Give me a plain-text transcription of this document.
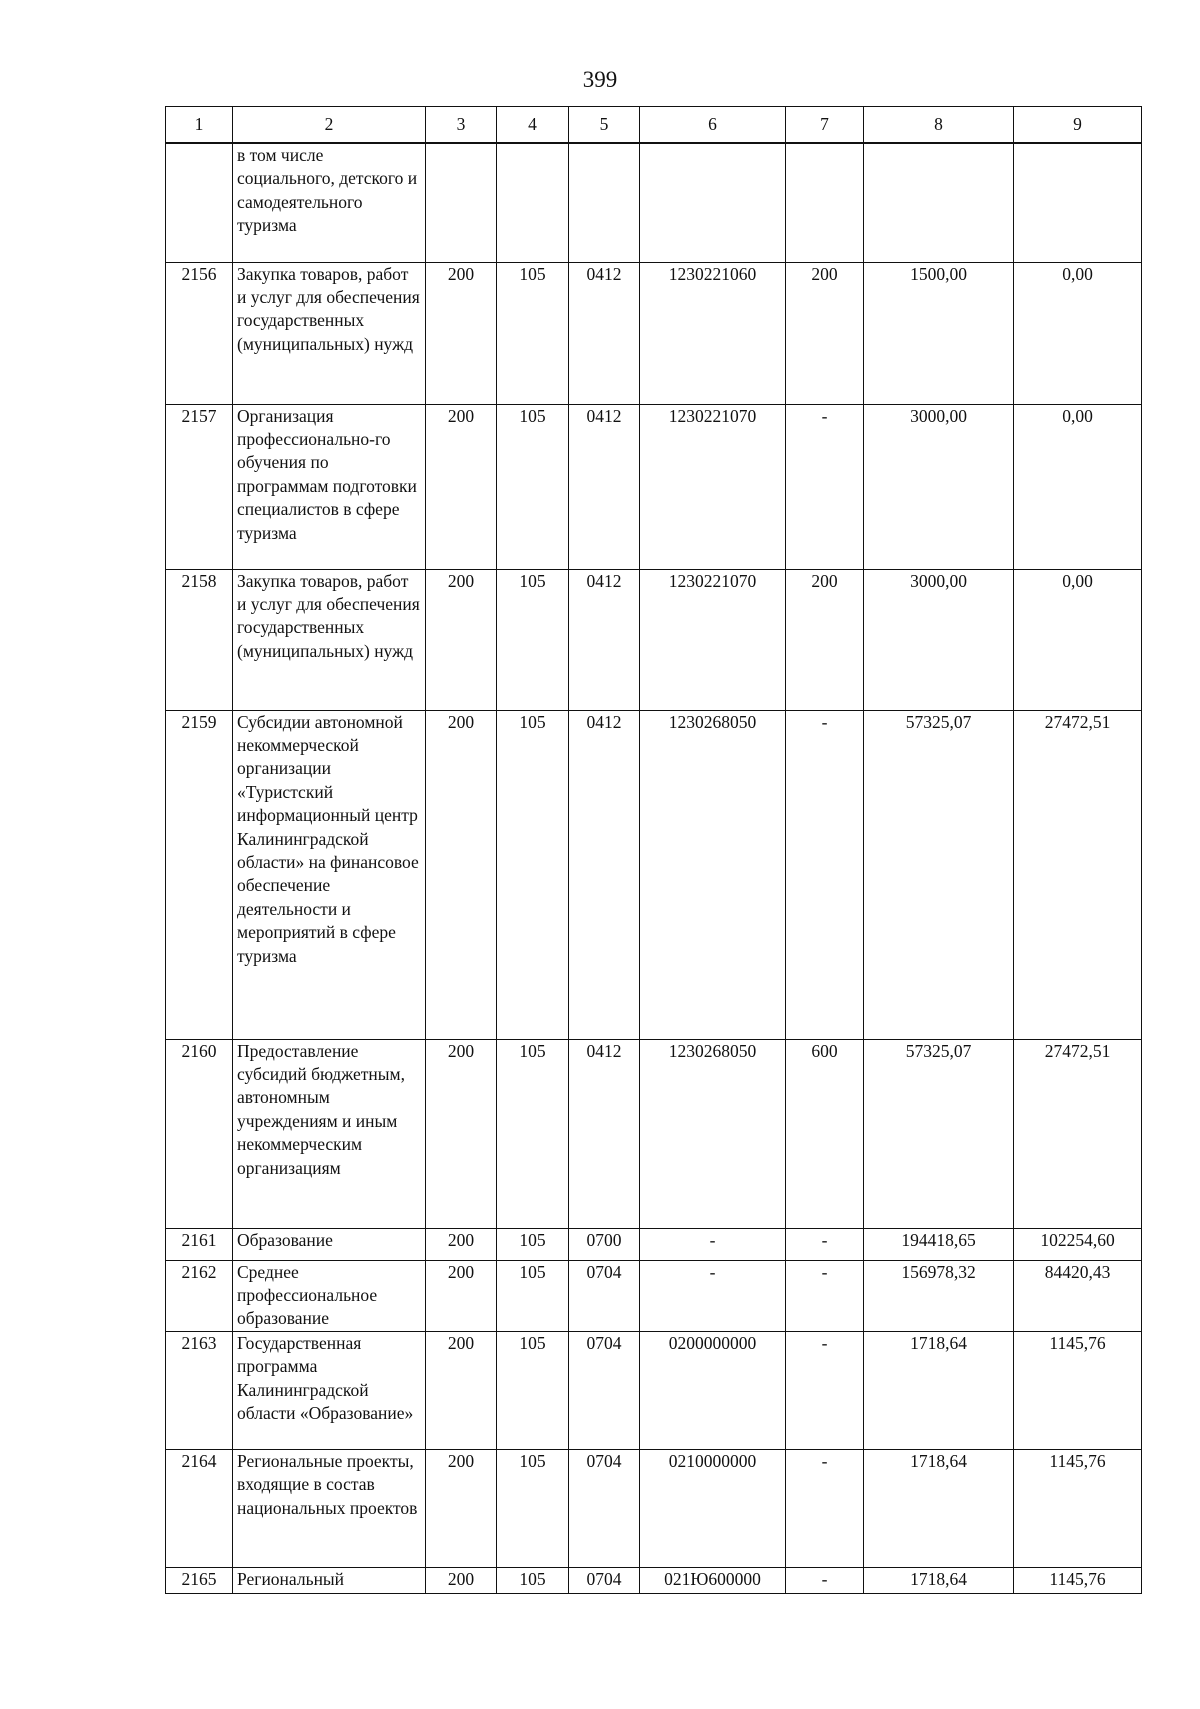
399
1	2	3	4	5	6	7	8	9
	в том числе социального, детского и самодеятельного туризма							
2156	Закупка товаров, работ и услуг для обеспечения государственных (муниципальных) нужд	200	105	0412	1230221060	200	1500,00	0,00
2157	Организация профессионально-го обучения по программам подготовки специалистов в сфере туризма	200	105	0412	1230221070	-	3000,00	0,00
2158	Закупка товаров, работ и услуг для обеспечения государственных (муниципальных) нужд	200	105	0412	1230221070	200	3000,00	0,00
2159	Субсидии автономной некоммерческой организации «Туристский информационный центр Калининградской области» на финансовое обеспечение деятельности и мероприятий в сфере туризма	200	105	0412	1230268050	-	57325,07	27472,51
2160	Предоставление субсидий бюджетным, автономным учреждениям и иным некоммерческим организациям	200	105	0412	1230268050	600	57325,07	27472,51
2161	Образование	200	105	0700	-	-	194418,65	102254,60
2162	Среднее профессиональное образование	200	105	0704	-	-	156978,32	84420,43
2163	Государственная программа Калининградской области «Образование»	200	105	0704	0200000000	-	1718,64	1145,76
2164	Региональные проекты, входящие в состав национальных проектов	200	105	0704	0210000000	-	1718,64	1145,76
2165	Региональный	200	105	0704	021Ю600000	-	1718,64	1145,76
